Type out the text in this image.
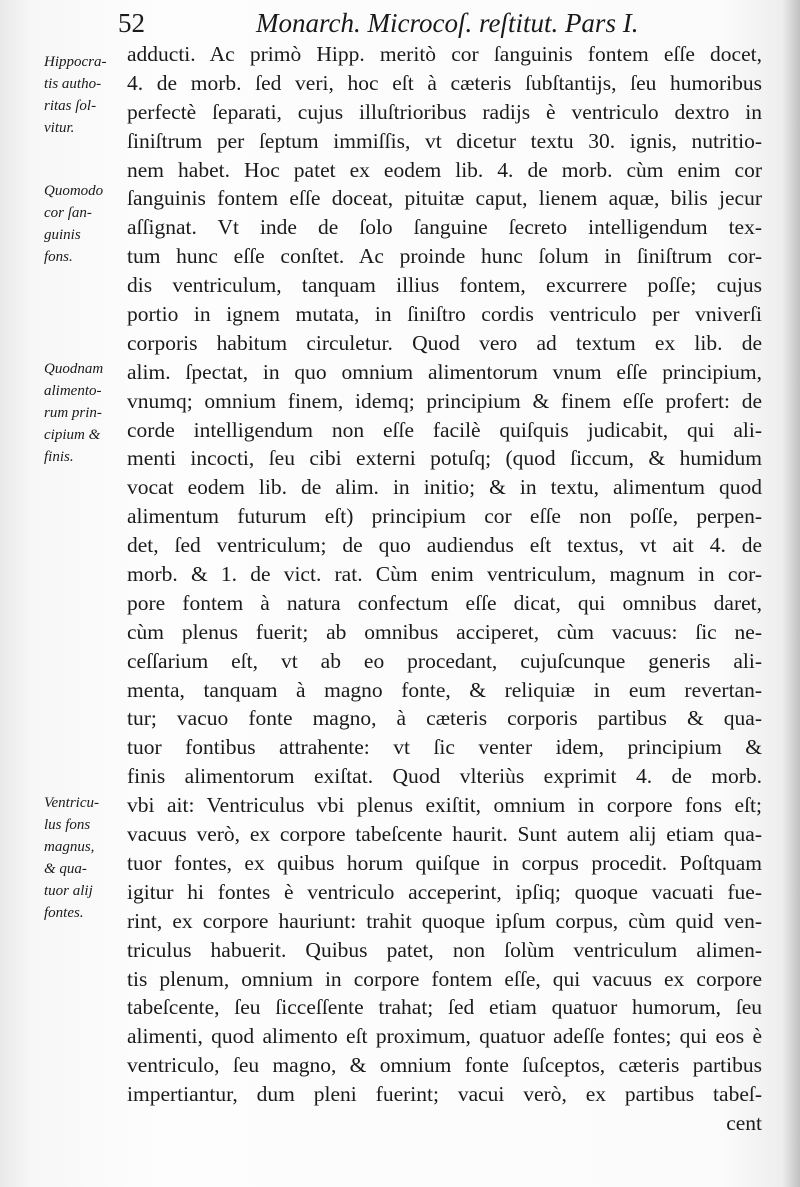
52	Monarch. Microcoſ. reſtitut. Pars I.
Hippocra-
tis autho-
ritas ſol-
vitur.
Quomodo
cor ſan-
guinis
fons.
Quodnam
alimento-
rum prin-
cipium &
finis.
Ventricu-
lus fons
magnus,
& qua-
tuor alij
fontes.
adducti. Ac primò Hipp. meritò cor ſanguinis fontem eſſe docet,
4. de morb. ſed veri, hoc eſt à cæteris ſubſtantijs, ſeu humoribus
perfectè ſeparati, cujus illuſtrioribus radijs è ventriculo dextro in
ſiniſtrum per ſeptum immiſſis, vt dicetur textu 30. ignis, nutritio-
nem habet. Hoc patet ex eodem lib. 4. de morb. cùm enim cor
ſanguinis fontem eſſe doceat, pituitæ caput, lienem aquæ, bilis jecur
aſſignat. Vt inde de ſolo ſanguine ſecreto intelligendum tex-
tum hunc eſſe conſtet. Ac proinde hunc ſolum in ſiniſtrum cor-
dis ventriculum, tanquam illius fontem, excurrere poſſe; cujus
portio in ignem mutata, in ſiniſtro cordis ventriculo per vniverſi
corporis habitum circuletur. Quod vero ad textum ex lib. de
alim. ſpectat, in quo omnium alimentorum vnum eſſe principium,
vnumq; omnium finem, idemq; principium & finem eſſe profert: de
corde intelligendum non eſſe facilè quiſquis judicabit, qui ali-
menti incocti, ſeu cibi externi potuſq; (quod ſiccum, & humidum
vocat eodem lib. de alim. in initio; & in textu, alimentum quod
alimentum futurum eſt) principium cor eſſe non poſſe, perpen-
det, ſed ventriculum; de quo audiendus eſt textus, vt ait 4. de
morb. & 1. de vict. rat. Cùm enim ventriculum, magnum in cor-
pore fontem à natura confectum eſſe dicat, qui omnibus daret,
cùm plenus fuerit; ab omnibus acciperet, cùm vacuus: ſic ne-
ceſſarium eſt, vt ab eo procedant, cujuſcunque generis ali-
menta, tanquam à magno fonte, & reliquiæ in eum revertan-
tur; vacuo fonte magno, à cæteris corporis partibus & qua-
tuor fontibus attrahente: vt ſic venter idem, principium &
finis alimentorum exiſtat. Quod vlteriùs exprimit 4. de morb.
vbi ait: Ventriculus vbi plenus exiſtit, omnium in corpore fons eſt;
vacuus verò, ex corpore tabeſcente haurit. Sunt autem alij etiam qua-
tuor fontes, ex quibus horum quiſque in corpus procedit. Poſtquam
igitur hi fontes è ventriculo acceperint, ipſiq; quoque vacuati fue-
rint, ex corpore hauriunt: trahit quoque ipſum corpus, cùm quid ven-
triculus habuerit. Quibus patet, non ſolùm ventriculum alimen-
tis plenum, omnium in corpore fontem eſſe, qui vacuus ex corpore
tabeſcente, ſeu ſicceſſente trahat; ſed etiam quatuor humorum, ſeu
alimenti, quod alimento eſt proximum, quatuor adeſſe fontes; qui eos è
ventriculo, ſeu magno, & omnium fonte ſuſceptos, cæteris partibus
impertiantur, dum pleni fuerint; vacui verò, ex partibus tabeſ-
cent
